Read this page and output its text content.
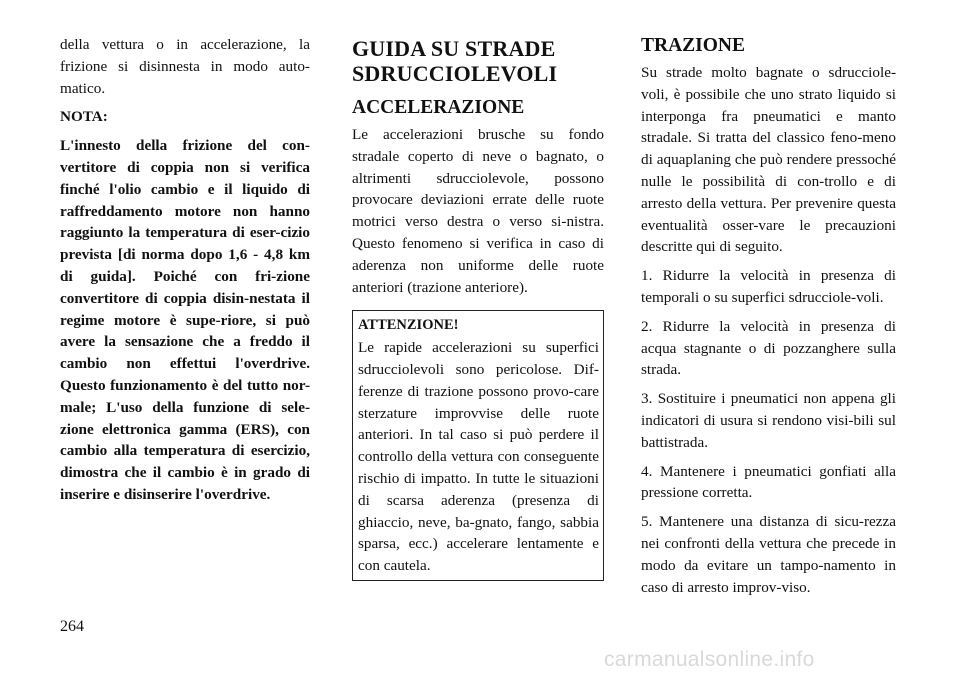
della vettura o in accelerazione, la frizione si disinnesta in modo auto-matico.

NOTA:

L'innesto della frizione del con-vertitore di coppia non si verifica finché l'olio cambio e il liquido di raffreddamento motore non hanno raggiunto la temperatura di eser-cizio prevista [di norma dopo 1,6 - 4,8 km di guida]. Poiché con fri-zione convertitore di coppia disin-nestata il regime motore è supe-riore, si può avere la sensazione che a freddo il cambio non effettui l'overdrive. Questo funzionamento è del tutto nor-male; L'uso della funzione di sele-zione elettronica gamma (ERS), con cambio alla temperatura di esercizio, dimostra che il cambio è in grado di inserire e disinserire l'overdrive.

GUIDA SU STRADE
SDRUCCIOLEVOLI
ACCELERAZIONE

Le accelerazioni brusche su fondo stradale coperto di neve o bagnato, o altrimenti sdrucciolevole, possono provocare deviazioni errate delle ruote motrici verso destra o verso si-nistra. Questo fenomeno si verifica in caso di aderenza non uniforme delle ruote anteriori (trazione anteriore).

ATTENZIONE!

Le rapide accelerazioni su superfici sdrucciolevoli sono pericolose. Dif-ferenze di trazione possono provo-care sterzature improvvise delle ruote anteriori. In tal caso si può perdere il controllo della vettura con conseguente rischio di impatto. In tutte le situazioni di scarsa aderenza (presenza di ghiaccio, neve, ba-gnato, fango, sabbia sparsa, ecc.) accelerare lentamente e con cautela.

TRAZIONE

Su strade molto bagnate o sdrucciole-voli, è possibile che uno strato liquido si interponga fra pneumatici e manto stradale. Si tratta del classico feno-meno di aquaplaning che può rendere pressoché nulle le possibilità di con-trollo e di arresto della vettura. Per prevenire questa eventualità osser-vare le precauzioni descritte qui di seguito.

1. Ridurre la velocità in presenza di temporali o su superfici sdrucciole-voli.

2. Ridurre la velocità in presenza di acqua stagnante o di pozzanghere sulla strada.

3. Sostituire i pneumatici non appena gli indicatori di usura si rendono visi-bili sul battistrada.

4. Mantenere i pneumatici gonfiati alla pressione corretta.

5. Mantenere una distanza di sicu-rezza nei confronti della vettura che precede in modo da evitare un tampo-namento in caso di arresto improv-viso.

264
carmanualsonline.info
